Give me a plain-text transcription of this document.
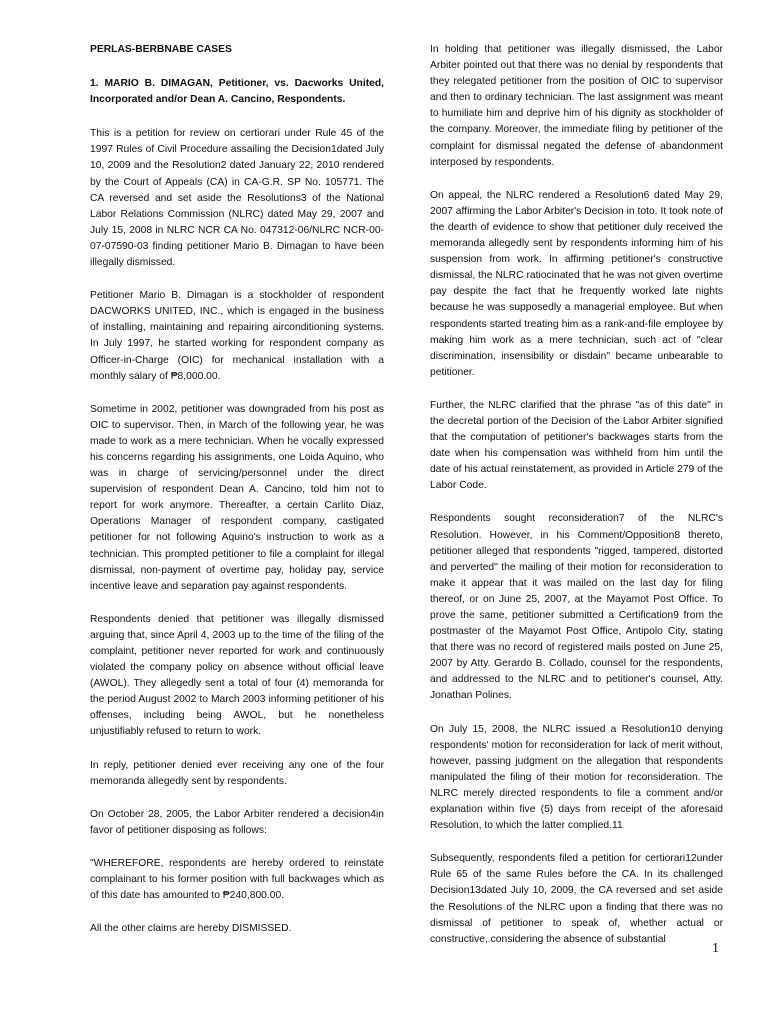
PERLAS-BERBNABE CASES

1. MARIO B. DIMAGAN, Petitioner, vs. Dacworks United, Incorporated and/or Dean A. Cancino, Respondents.

This is a petition for review on certiorari under Rule 45 of the 1997 Rules of Civil Procedure assailing the Decision1dated July 10, 2009 and the Resolution2 dated January 22, 2010 rendered by the Court of Appeals (CA) in CA-G.R. SP No. 105771. The CA reversed and set aside the Resolutions3 of the National Labor Relations Commission (NLRC) dated May 29, 2007 and July 15, 2008 in NLRC NCR CA No. 047312-06/NLRC NCR-00-07-07590-03 finding petitioner Mario B. Dimagan to have been illegally dismissed.

Petitioner Mario B. Dimagan is a stockholder of respondent DACWORKS UNITED, INC., which is engaged in the business of installing, maintaining and repairing airconditioning systems. In July 1997, he started working for respondent company as Officer-in-Charge (OIC) for mechanical installation with a monthly salary of ₱8,000.00.

Sometime in 2002, petitioner was downgraded from his post as OIC to supervisor. Then, in March of the following year, he was made to work as a mere technician. When he vocally expressed his concerns regarding his assignments, one Loida Aquino, who was in charge of servicing/personnel under the direct supervision of respondent Dean A. Cancino, told him not to report for work anymore. Thereafter, a certain Carlito Diaz, Operations Manager of respondent company, castigated petitioner for not following Aquino's instruction to work as a technician. This prompted petitioner to file a complaint for illegal dismissal, non-payment of overtime pay, holiday pay, service incentive leave and separation pay against respondents.

Respondents denied that petitioner was illegally dismissed arguing that, since April 4, 2003 up to the time of the filing of the complaint, petitioner never reported for work and continuously violated the company policy on absence without official leave (AWOL). They allegedly sent a total of four (4) memoranda for the period August 2002 to March 2003 informing petitioner of his offenses, including being AWOL, but he nonetheless unjustifiably refused to return to work.

In reply, petitioner denied ever receiving any one of the four memoranda allegedly sent by respondents.

On October 28, 2005, the Labor Arbiter rendered a decision4in favor of petitioner disposing as follows:

"WHEREFORE, respondents are hereby ordered to reinstate complainant to his former position with full backwages which as of this date has amounted to ₱240,800.00.

All the other claims are hereby DISMISSED.

In holding that petitioner was illegally dismissed, the Labor Arbiter pointed out that there was no denial by respondents that they relegated petitioner from the position of OIC to supervisor and then to ordinary technician. The last assignment was meant to humiliate him and deprive him of his dignity as stockholder of the company. Moreover, the immediate filing by petitioner of the complaint for dismissal negated the defense of abandonment interposed by respondents.

On appeal, the NLRC rendered a Resolution6 dated May 29, 2007 affirming the Labor Arbiter's Decision in toto. It took note of the dearth of evidence to show that petitioner duly received the memoranda allegedly sent by respondents informing him of his suspension from work. In affirming petitioner's constructive dismissal, the NLRC ratiocinated that he was not given overtime pay despite the fact that he frequently worked late nights because he was supposedly a managerial employee. But when respondents started treating him as a rank-and-file employee by making him work as a mere technician, such act of "clear discrimination, insensibility or disdain" became unbearable to petitioner.

Further, the NLRC clarified that the phrase "as of this date" in the decretal portion of the Decision of the Labor Arbiter signified that the computation of petitioner's backwages starts from the date when his compensation was withheld from him until the date of his actual reinstatement, as provided in Article 279 of the Labor Code.

Respondents sought reconsideration7 of the NLRC's Resolution. However, in his Comment/Opposition8 thereto, petitioner alleged that respondents "rigged, tampered, distorted and perverted" the mailing of their motion for reconsideration to make it appear that it was mailed on the last day for filing thereof, or on June 25, 2007, at the Mayamot Post Office. To prove the same, petitioner submitted a Certification9 from the postmaster of the Mayamot Post Office, Antipolo City, stating that there was no record of registered mails posted on June 25, 2007 by Atty. Gerardo B. Collado, counsel for the respondents, and addressed to the NLRC and to petitioner's counsel, Atty. Jonathan Polines.

On July 15, 2008, the NLRC issued a Resolution10 denying respondents' motion for reconsideration for lack of merit without, however, passing judgment on the allegation that respondents manipulated the filing of their motion for reconsideration. The NLRC merely directed respondents to file a comment and/or explanation within five (5) days from receipt of the aforesaid Resolution, to which the latter complied.11

Subsequently, respondents filed a petition for certiorari12under Rule 65 of the same Rules before the CA. In its challenged Decision13dated July 10, 2009, the CA reversed and set aside the Resolutions of the NLRC upon a finding that there was no dismissal of petitioner to speak of, whether actual or constructive, considering the absence of substantial

1
